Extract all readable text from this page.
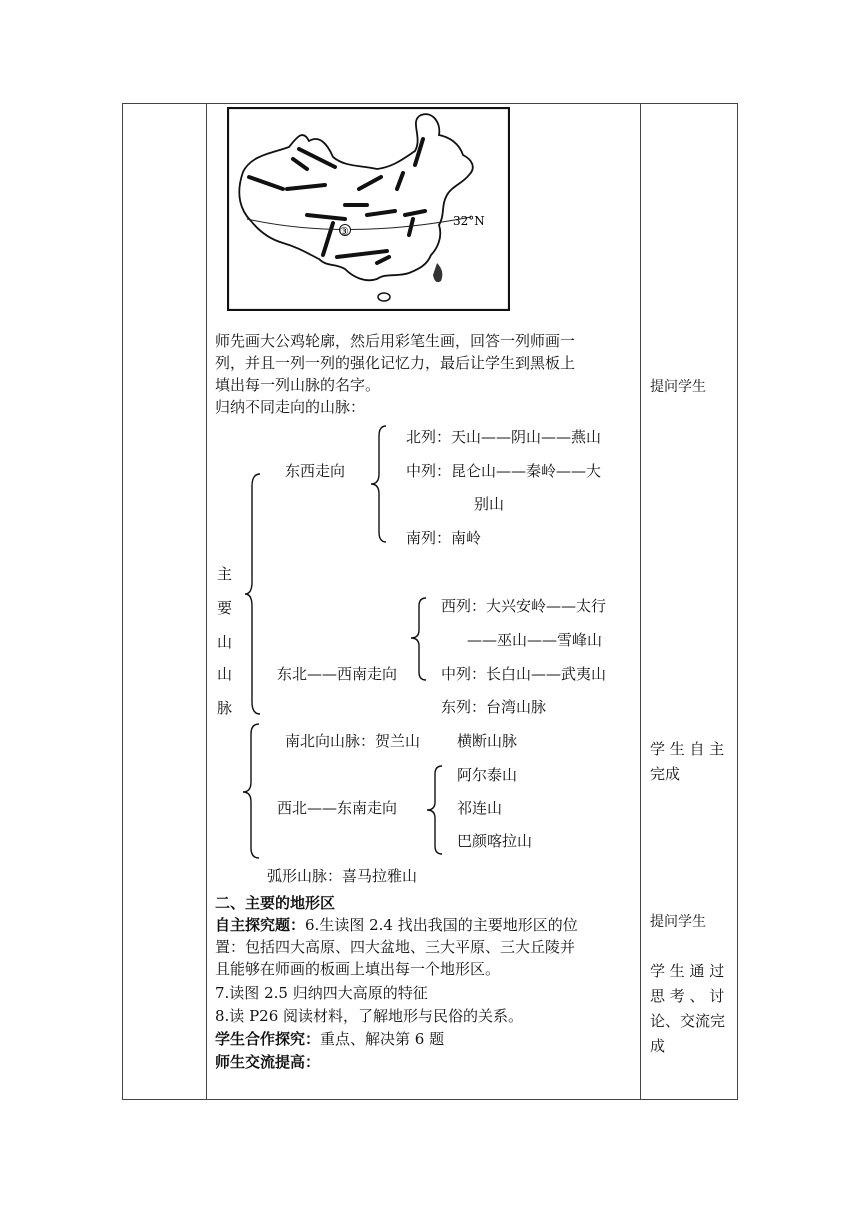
③
32°N
师先画大公鸡轮廓，然后用彩笔生画，回答一列师画一
列，并且一列一列的强化记忆力，最后让学生到黑板上
填出每一列山脉的名字。
归纳不同走向的山脉：
主
要
山
山
脉
东西走向
北列：天山——阴山——燕山
中列：昆仑山——秦岭——大
别山
南列：南岭
东北——西南走向
西列：大兴安岭——太行
——巫山——雪峰山
中列：长白山——武夷山
东列：台湾山脉
南北向山脉：贺兰山 横断山脉
西北——东南走向
阿尔泰山
祁连山
巴颜喀拉山
弧形山脉：喜马拉雅山
二、主要的地形区
自主探究题：6.生读图 2.4 找出我国的主要地形区的位
置：包括四大高原、四大盆地、三大平原、三大丘陵并
且能够在师画的板画上填出每一个地形区。
7.读图 2.5 归纳四大高原的特征
8.读 P26 阅读材料，了解地形与民俗的关系。
学生合作探究：重点、解决第 6 题
师生交流提高：
提问学生
学 生 自 主
完成
提问学生
学 生 通 过
思 考 、 讨
论、交流完
成
